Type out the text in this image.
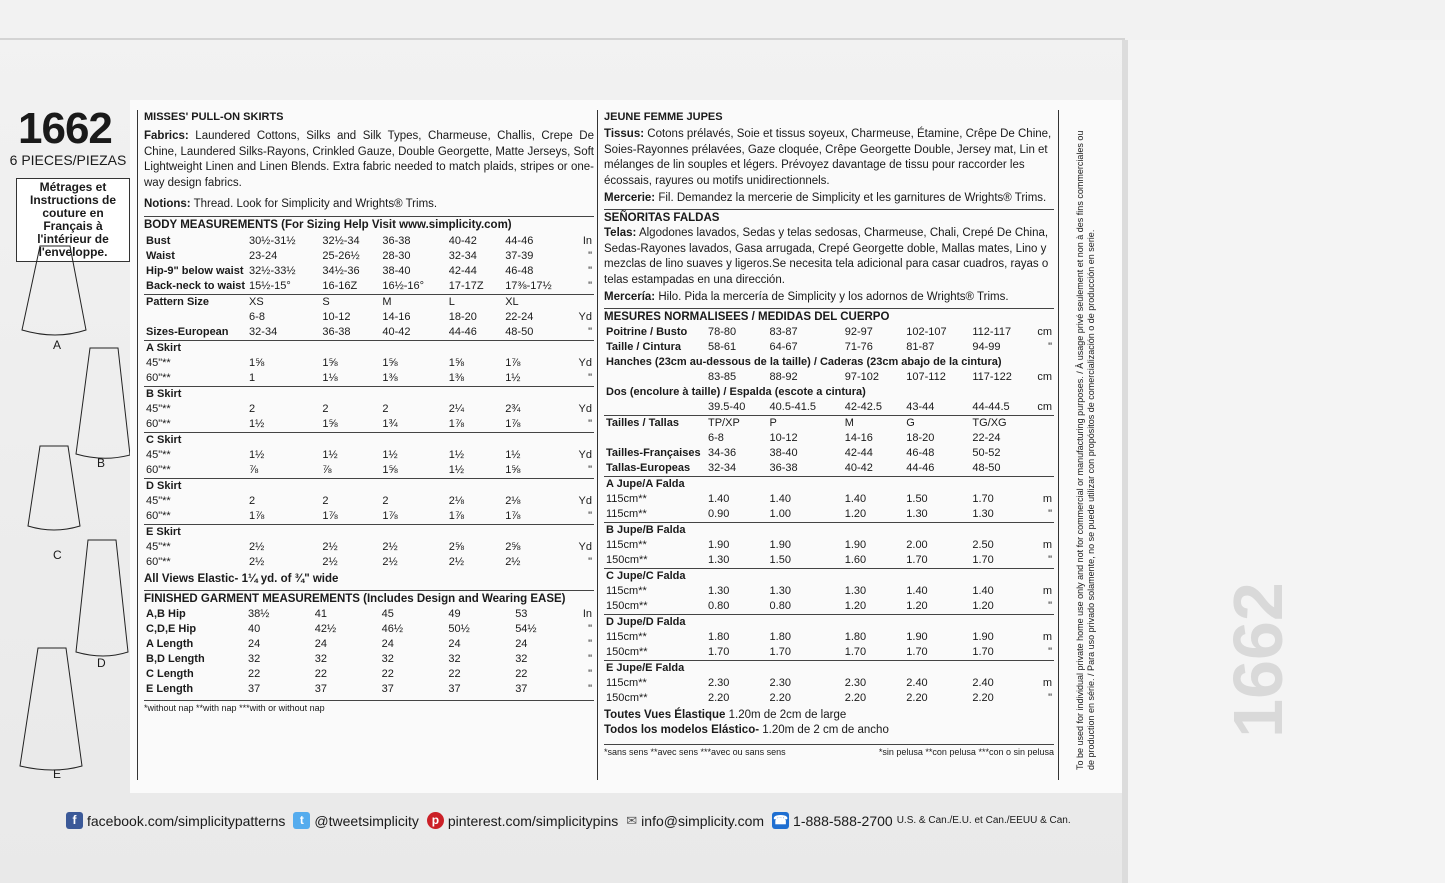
1662
1662
6 PIECES/PIEZAS
Métrages et Instructions de couture en Français à l'intérieur de l'enveloppe.
A
B
C
D
E
MISSES' PULL-ON SKIRTS
Fabrics: Laundered Cottons, Silks and Silk Types, Charmeuse, Challis, Crepe De Chine, Laundered Silks-Rayons, Crinkled Gauze, Double Georgette, Matte Jerseys, Soft Lightweight Linen and Linen Blends. Extra fabric needed to match plaids, stripes or one-way design fabrics.
Notions: Thread. Look for Simplicity and Wrights® Trims.
BODY MEASUREMENTS (For Sizing Help Visit www.simplicity.com)
Bust	30½-31½	32½-34	36-38	40-42	44-46	In
Waist	23-24	25-26½	28-30	32-34	37-39	"
Hip-9" below waist	32½-33½	34½-36	38-40	42-44	46-48	"
Back-neck to waist	15½-15°	16-16Z	16½-16°	17-17Z	17⅜-17½	"
Pattern Size	XS	S	M	L	XL	
	6-8	10-12	14-16	18-20	22-24	Yd
Sizes-European	32-34	36-38	40-42	44-46	48-50	"
A Skirt						
45"**	1⅝	1⅝	1⅝	1⅝	1⅞	Yd
60"**	1	1⅛	1⅜	1⅜	1½	"
B Skirt						
45"**	2	2	2	2¼	2¾	Yd
60"**	1½	1⅝	1¾	1⅞	1⅞	"
C Skirt						
45"**	1½	1½	1½	1½	1½	Yd
60"**	⅞	⅞	1⅝	1½	1⅝	"
D Skirt						
45"**	2	2	2	2⅛	2⅛	Yd
60"**	1⅞	1⅞	1⅞	1⅞	1⅞	"
E Skirt						
45"**	2½	2½	2½	2⅝	2⅝	Yd
60"**	2½	2½	2½	2½	2½	"
All Views Elastic- 1¼ yd. of ¾" wide
FINISHED GARMENT MEASUREMENTS (Includes Design and Wearing EASE)
A,B Hip	38½	41	45	49	53	In
C,D,E Hip	40	42½	46½	50½	54½	"
A Length	24	24	24	24	24	"
B,D Length	32	32	32	32	32	"
C Length	22	22	22	22	22	"
E Length	37	37	37	37	37	"
*without nap **with nap ***with or without nap
JEUNE FEMME JUPES
Tissus: Cotons prélavés, Soie et tissus soyeux, Charmeuse, Étamine, Crêpe De Chine, Soies-Rayonnes prélavées, Gaze cloquée, Crêpe Georgette Double, Jersey mat, Lin et mélanges de lin souples et légers. Prévoyez davantage de tissu pour raccorder les écossais, rayures ou motifs unidirectionnels.
Mercerie: Fil. Demandez la mercerie de Simplicity et les garnitures de Wrights® Trims.
SEÑORITAS FALDAS
Telas: Algodones lavados, Sedas y telas sedosas, Charmeuse, Chali, Crepé De China, Sedas-Rayones lavados, Gasa arrugada, Crepé Georgette doble, Mallas mates, Lino y mezclas de lino suaves y ligeros.Se necesita tela adicional para casar cuadros, rayas o telas estampadas en una dirección.
Mercería: Hilo. Pida la mercería de Simplicity y los adornos de Wrights® Trims.
MESURES NORMALISEES / MEDIDAS DEL CUERPO
Poitrine / Busto	78-80	83-87	92-97	102-107	112-117	cm
Taille / Cintura	58-61	64-67	71-76	81-87	94-99	"
Hanches (23cm au-dessous de la taille) / Caderas (23cm abajo de la cintura)						
	83-85	88-92	97-102	107-112	117-122	cm
Dos (encolure à taille) / Espalda (escote a cintura)						
	39.5-40	40.5-41.5	42-42.5	43-44	44-44.5	cm
Tailles / Tallas	TP/XP	P	M	G	TG/XG	
	6-8	10-12	14-16	18-20	22-24	
Tailles-Françaises	34-36	38-40	42-44	46-48	50-52	
Tallas-Europeas	32-34	36-38	40-42	44-46	48-50	
A Jupe/A Falda						
115cm**	1.40	1.40	1.40	1.50	1.70	m
115cm**	0.90	1.00	1.20	1.30	1.30	"
B Jupe/B Falda						
115cm**	1.90	1.90	1.90	2.00	2.50	m
150cm**	1.30	1.50	1.60	1.70	1.70	"
C Jupe/C Falda						
115cm**	1.30	1.30	1.30	1.40	1.40	m
150cm**	0.80	0.80	1.20	1.20	1.20	"
D Jupe/D Falda						
115cm**	1.80	1.80	1.80	1.90	1.90	m
150cm**	1.70	1.70	1.70	1.70	1.70	"
E Jupe/E Falda						
115cm**	2.30	2.30	2.30	2.40	2.40	m
150cm**	2.20	2.20	2.20	2.20	2.20	"
Toutes Vues Élastique 1.20m de 2cm de large
Todos los modelos Elástico- 1.20m de 2 cm de ancho
*sans sens **avec sens ***avec ou sans sens	*sin pelusa **con pelusa ***con o sin pelusa To be used for individual private home use only and not for commercial or manufacturing purposes. / À usage privé seulement et non à des fins commerciales ou de production en série. / Para uso privado solamente, no se puede utilizar con propósitos de comercialización o de producción en serie.
f facebook.com/simplicitypatterns	t @tweetsimplicity	p pinterest.com/simplicitypins ✉ info@simplicity.com ☎ 1-888-588-2700 U.S. & Can./E.U. et Can./EEUU & Can.
